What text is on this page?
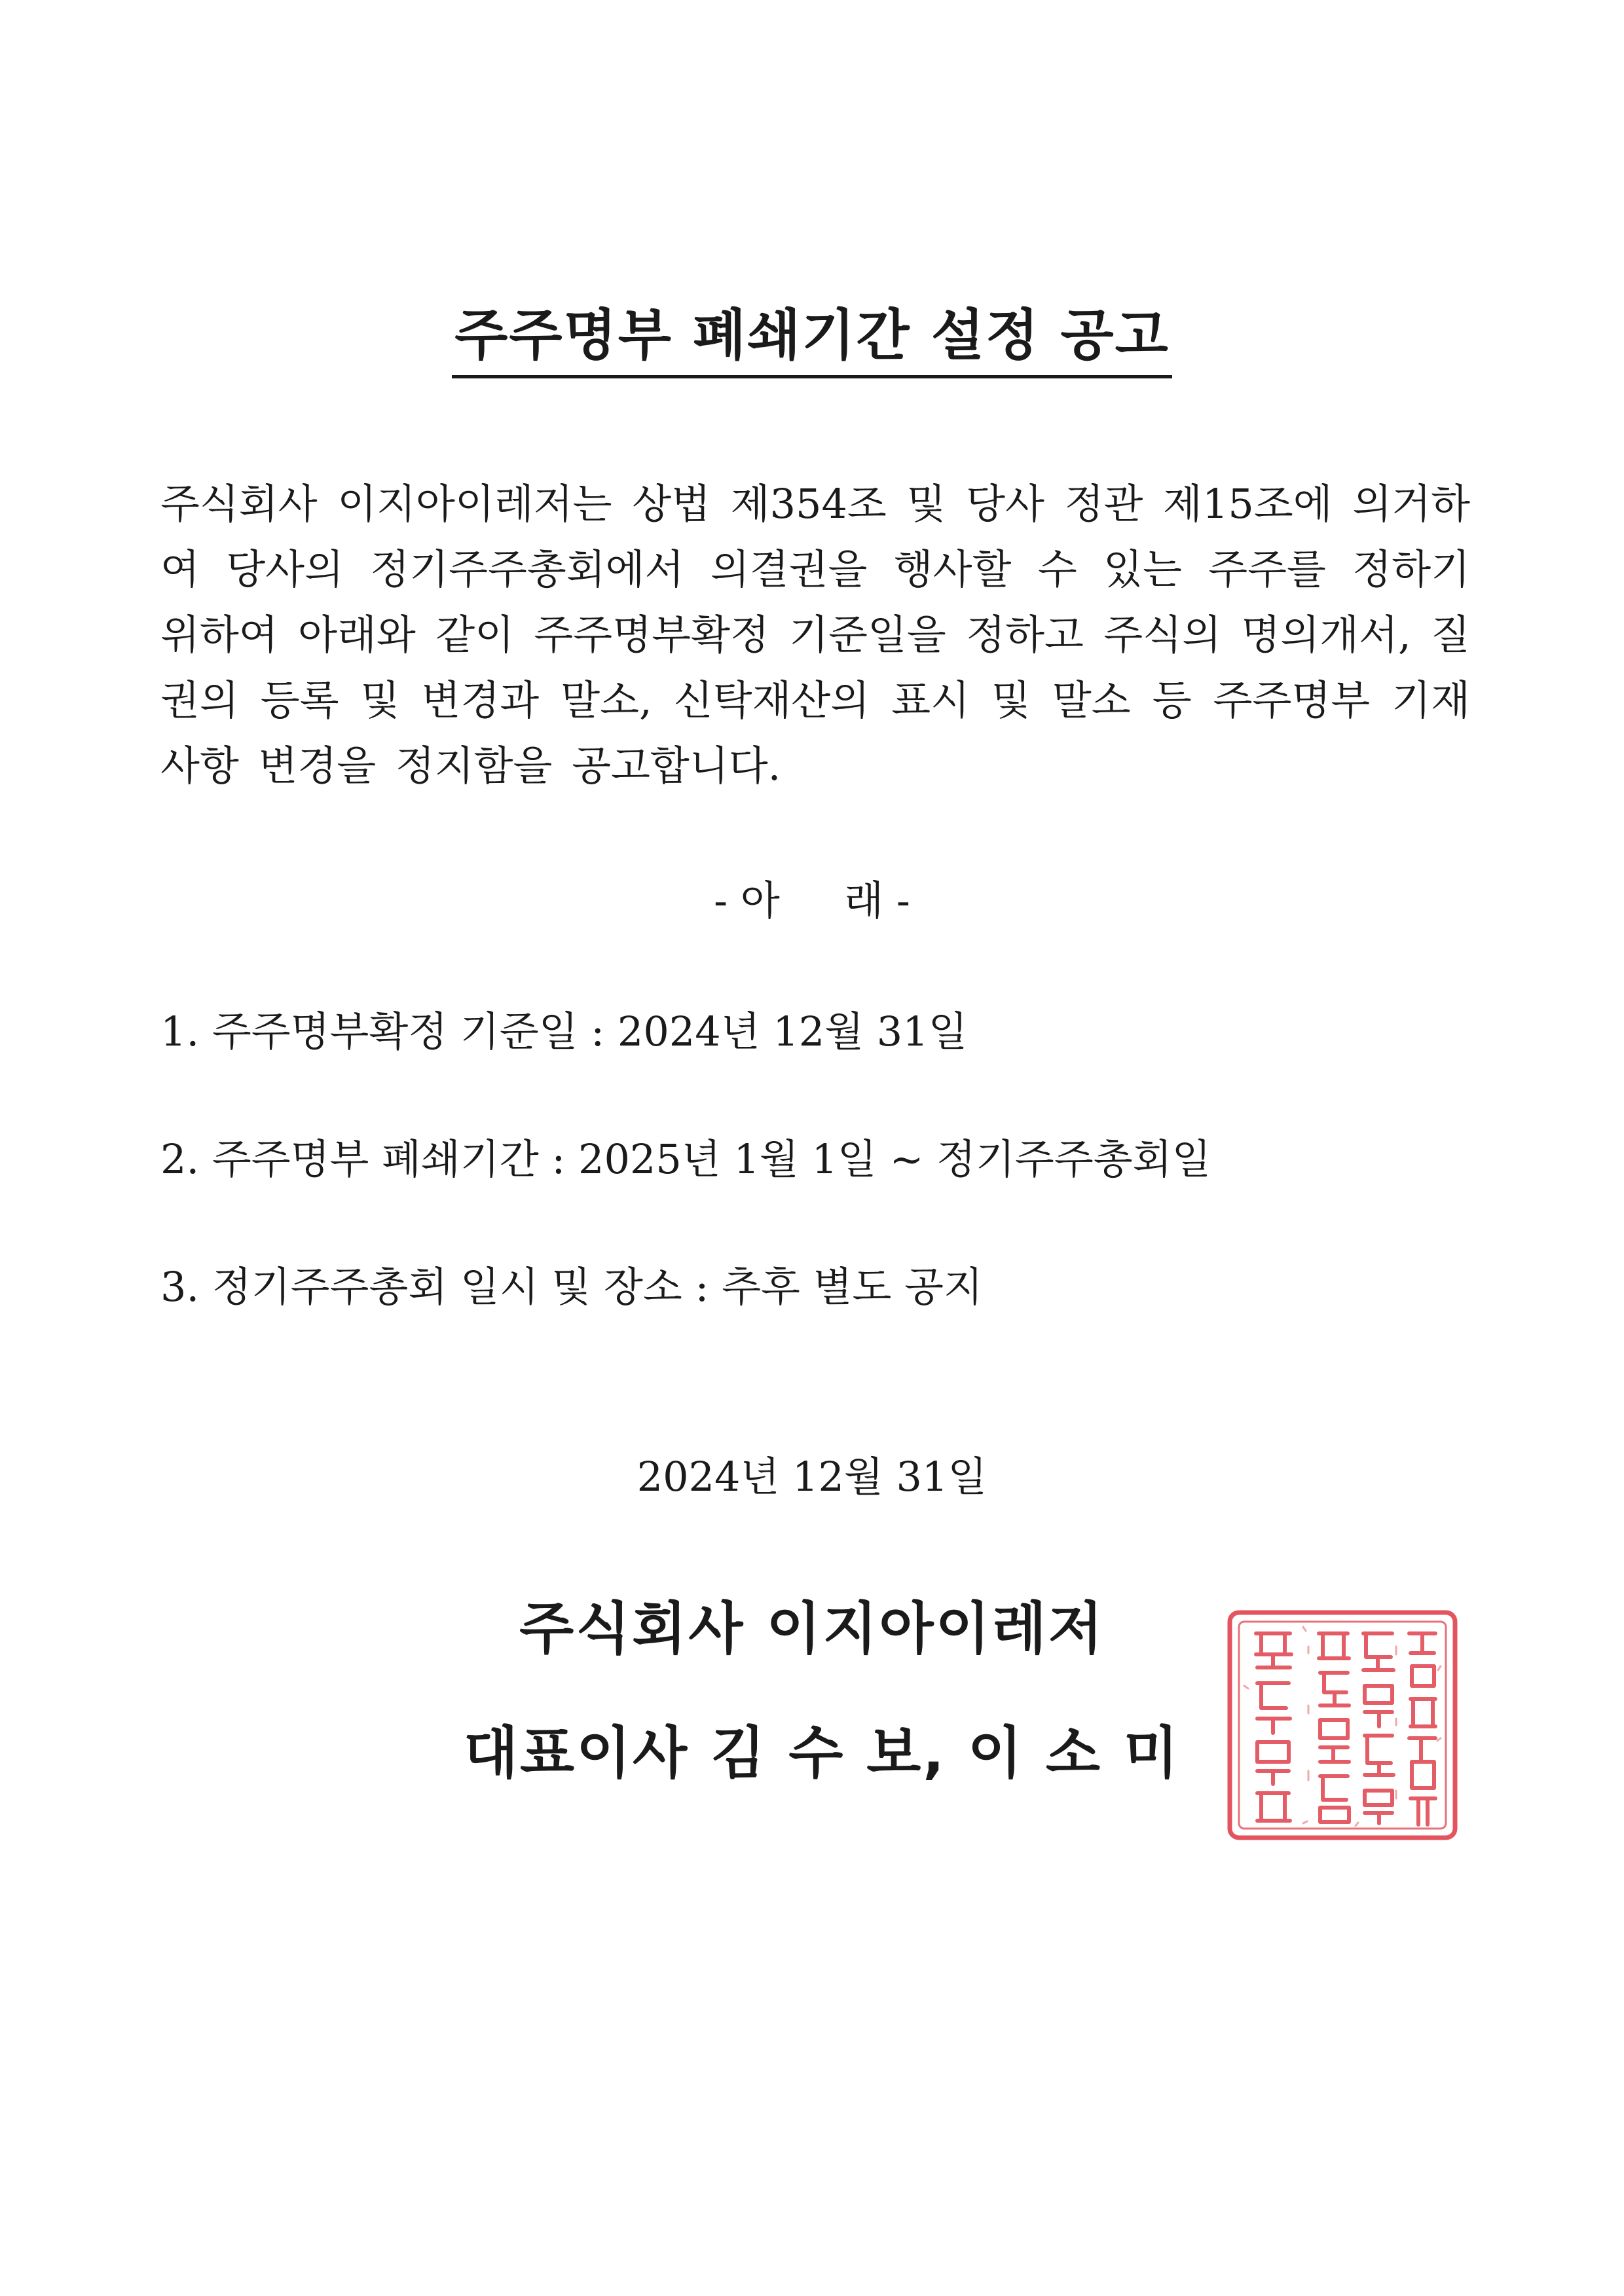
주주명부 폐쇄기간 설정 공고

주식회사 이지아이레저는 상법 제354조 및 당사 정관 제15조에 의거하여 당사의 정기주주총회에서 의결권을 행사할 수 있는 주주를 정하기 위하여 아래와 같이 주주명부확정 기준일을 정하고 주식의 명의개서, 질권의 등록 및 변경과 말소, 신탁재산의 표시 및 말소 등 주주명부 기재사항 변경을 정지함을 공고합니다.

- 아     래 -
1. 주주명부확정 기준일 : 2024년 12월 31일
2. 주주명부 폐쇄기간 : 2025년 1월 1일 ~ 정기주주총회일
3. 정기주주총회 일시 및 장소 : 추후 별도 공지
2024년 12월 31일
주식회사 이지아이레저
대표이사 김 수 보, 이 소 미
